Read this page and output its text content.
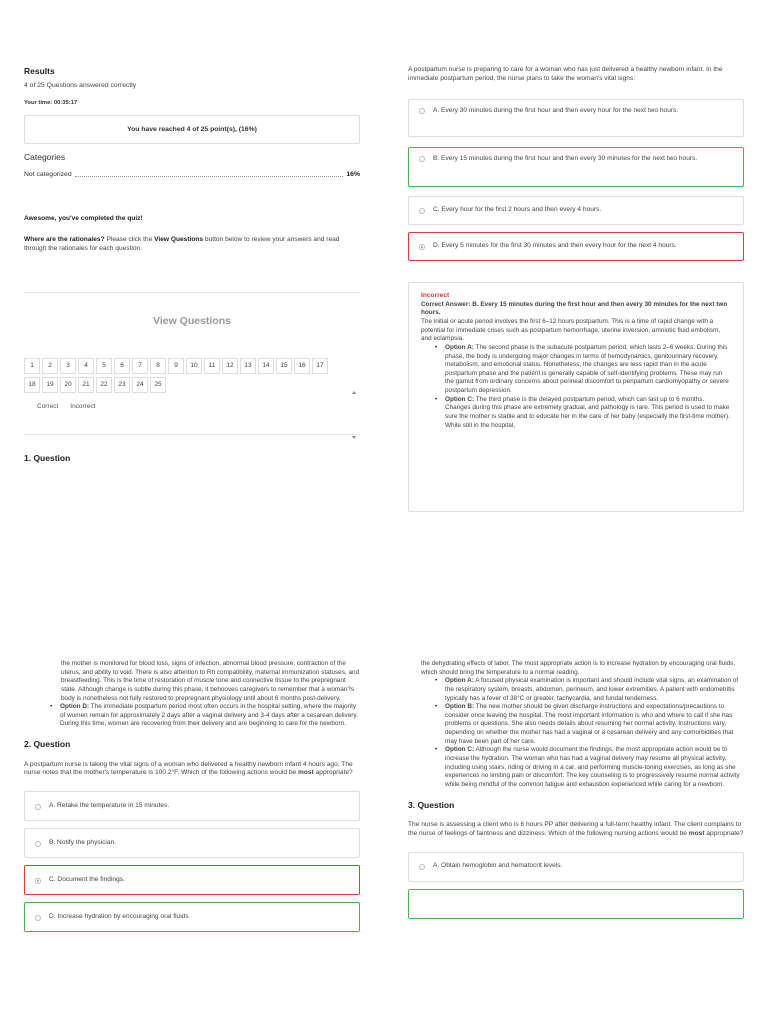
Results
4 of 25 Questions answered correctly
Your time: 00:35:17
You have reached 4 of 25 point(s), (16%)
Categories
Not categorized	16%
Awesome, you've completed the quiz!
Where are the rationales? Please click the View Questions button below to review your answers and read through the rationales for each question.
View Questions
1	2	3	4	5	6	7	8	9	10	11	12	13	14	15	16	17
18	19	20	21	22	23	24	25
Correct Incorrect
1. Question
A postpartum nurse is preparing to care for a woman who has just delivered a healthy newborn infant. In the immediate postpartum period, the nurse plans to take the woman's vital signs:
A. Every 30 minutes during the first hour and then every hour for the next two hours.
B. Every 15 minutes during the first hour and then every 30 minutes for the next two hours.
C. Every hour for the first 2 hours and then every 4 hours.
D. Every 5 minutes for the first 30 minutes and then every hour for the next 4 hours.
Incorrect
Correct Answer: B. Every 15 minutes during the first hour and then every 30 minutes for the next two hours.
The initial or acute period involves the first 6–12 hours postpartum. This is a time of rapid change with a potential for immediate crises such as postpartum hemorrhage, uterine inversion, amniotic fluid embolism, and eclampsia.
• Option A: The second phase is the subacute postpartum period, which lasts 2–6 weeks. During this phase, the body is undergoing major changes in terms of hemodynamics, genitourinary recovery, metabolism, and emotional status. Nonetheless, the changes are less rapid than in the acute postpartum phase and the patient is generally capable of self-identifying problems. These may run the gamut from ordinary concerns about perineal discomfort to peripartum cardiomyopathy or severe postpartum depression.
• Option C: The third phase is the delayed postpartum period, which can last up to 6 months. Changes during this phase are extremely gradual, and pathology is rare. This period is used to make sure the mother is stable and to educate her in the care of her baby (especially the first-time mother). While still in the hospital,
• the mother is monitored for blood loss, signs of infection, abnormal blood pressure, contraction of the uterus, and ability to void. There is also attention to Rh compatibility, maternal immunization statuses, and breastfeeding. This is the time of restoration of muscle tone and connective tissue to the prepregnant state. Although change is subtle during this phase, it behooves caregivers to remember that a woman?s body is nonetheless not fully restored to prepregnant physiology until about 6 months post-delivery.
• Option D: The immediate postpartum period most often occurs in the hospital setting, where the majority of women remain for approximately 2 days after a vaginal delivery and 3-4 days after a cesarean delivery. During this time, women are recovering from their delivery and are beginning to care for the newborn.
2. Question
A postpartum nurse is taking the vital signs of a woman who delivered a healthy newborn infant 4 hours ago. The nurse notes that the mother's temperature is 100.2°F. Which of the following actions would be most appropriate?
A. Retake the temperature in 15 minutes.
B. Notify the physician.
C. Document the findings.
D. Increase hydration by encouraging oral fluids
the dehydrating effects of labor. The most appropriate action is to increase hydration by encouraging oral fluids, which should bring the temperature to a normal reading.
• Option A: A focused physical examination is important and should include vital signs, an examination of the respiratory system, breasts, abdomen, perineum, and lower extremities. A patient with endometritis typically has a fever of 38°C or greater, tachycardia, and fundal tenderness.
• Option B: The new mother should be given discharge instructions and expectations/precautions to consider once leaving the hospital. The most important information is who and where to call if she has problems or questions. She also needs details about resuming her normal activity. Instructions vary, depending on whether the mother has had a vaginal or a cesarean delivery and any comorbidities that may have been part of her care.
• Option C: Although the nurse would document the findings, the most appropriate action would be to increase the hydration. The woman who has had a vaginal delivery may resume all physical activity, including using stairs, riding or driving in a car, and performing muscle-toning exercises, as long as she experiences no limiting pain or discomfort. The key counseling is to progressively resume normal activity while being mindful of the common fatigue and exhaustion experienced while caring for a newborn.
3. Question
The nurse is assessing a client who is 6 hours PP after delivering a full-term healthy infant. The client complains to the nurse of feelings of faintness and dizziness. Which of the following nursing actions would be most appropriate?
A. Obtain hemoglobin and hematocrit levels.
